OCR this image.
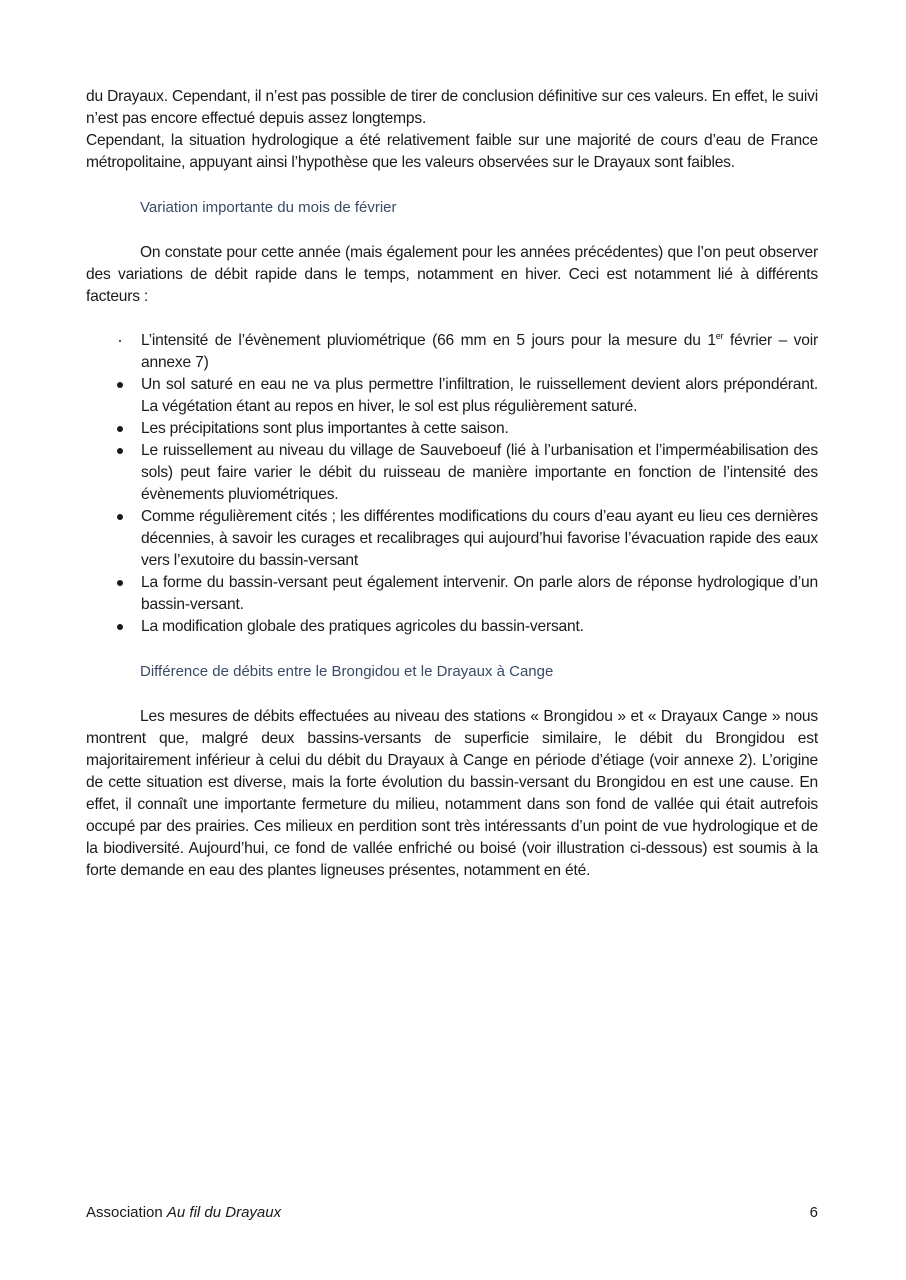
du Drayaux. Cependant, il n’est pas possible de tirer de conclusion définitive sur ces valeurs. En effet, le suivi n’est pas encore effectué depuis assez longtemps.

Cependant, la situation hydrologique a été relativement faible sur une majorité de cours d’eau de France métropolitaine, appuyant ainsi l’hypothèse que les valeurs observées sur le Drayaux sont faibles.

Variation importante du mois de février

On constate pour cette année (mais également pour les années précédentes) que l’on peut observer des variations de débit rapide dans le temps, notamment en hiver. Ceci est notamment lié à différents facteurs :

L’intensité de l’évènement pluviométrique (66 mm en 5 jours pour la mesure du 1er février – voir annexe 7)
Un sol saturé en eau ne va plus permettre l’infiltration, le ruissellement devient alors prépondérant. La végétation étant au repos en hiver, le sol est plus régulièrement saturé.
Les précipitations sont plus importantes à cette saison.
Le ruissellement au niveau du village de Sauveboeuf (lié à l’urbanisation et l’imperméabilisation des sols) peut faire varier le débit du ruisseau de manière importante en fonction de l’intensité des évènements pluviométriques.
Comme régulièrement cités ; les différentes modifications du cours d’eau ayant eu lieu ces dernières décennies, à savoir les curages et recalibrages qui aujourd’hui favorise l’évacuation rapide des eaux vers l’exutoire du bassin-versant
La forme du bassin-versant peut également intervenir. On parle alors de réponse hydrologique d’un bassin-versant.
La modification globale des pratiques agricoles du bassin-versant.

Différence de débits entre le Brongidou et le Drayaux à Cange

Les mesures de débits effectuées au niveau des stations « Brongidou » et « Drayaux Cange » nous montrent que, malgré deux bassins-versants de superficie similaire, le débit du Brongidou est majoritairement inférieur à celui du débit du Drayaux à Cange en période d’étiage (voir annexe 2). L’origine de cette situation est diverse, mais la forte évolution du bassin-versant du Brongidou en est une cause. En effet, il connaît une importante fermeture du milieu, notamment dans son fond de vallée qui était autrefois occupé par des prairies. Ces milieux en perdition sont très intéressants d’un point de vue hydrologique et de la biodiversité. Aujourd’hui, ce fond de vallée enfriché ou boisé (voir illustration ci-dessous) est soumis à la forte demande en eau des plantes ligneuses présentes, notamment en été.

Association Au fil du Drayaux	6
